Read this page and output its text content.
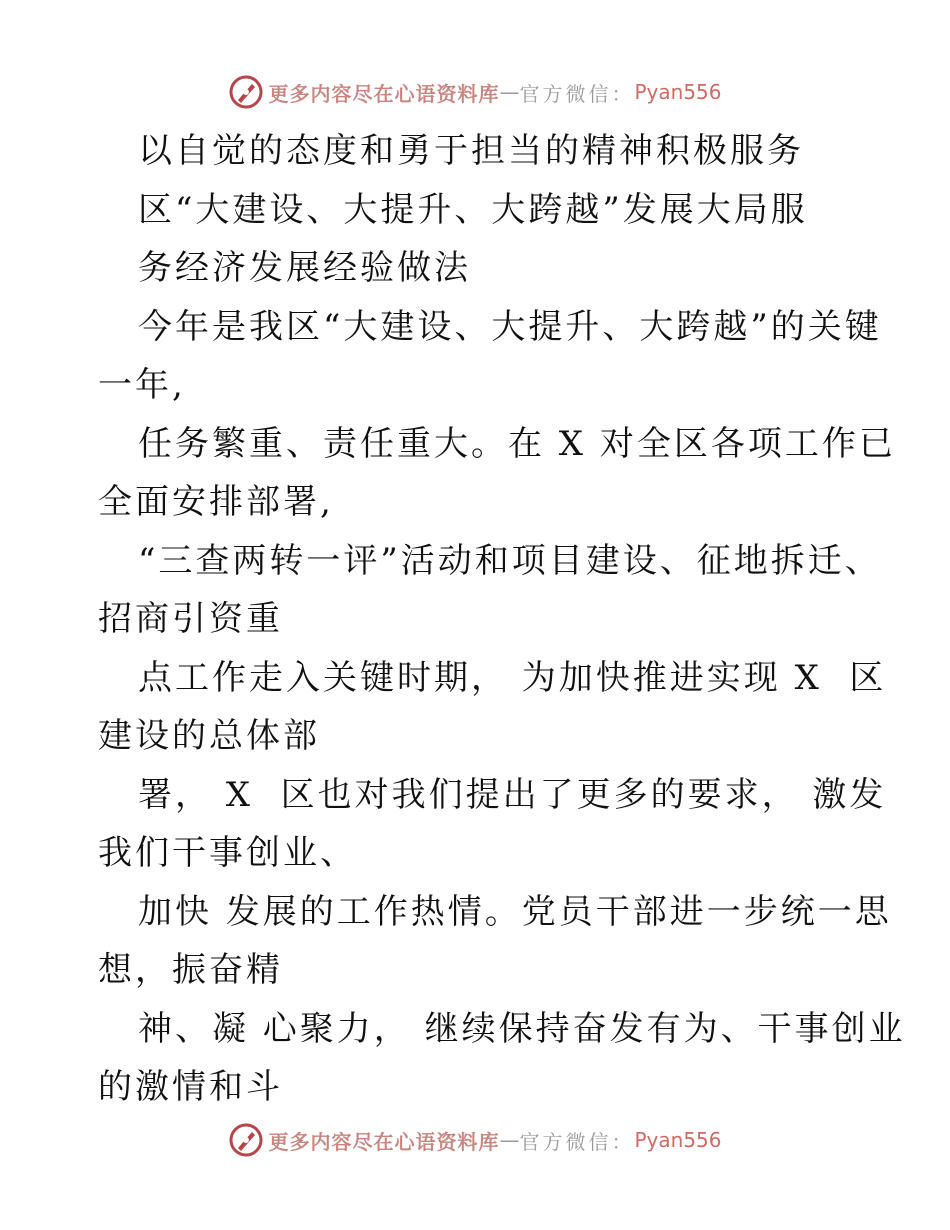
更多内容尽在心语资料库 — 官方微信： Pyan556

以自觉的态度和勇于担当的精神积极服务

区“大建设、大提升、大跨越”发展大局服

务经济发展经验做法

今年是我区“大建设、大提升、大跨越”的关键

一年,

任务繁重、责任重大。在 X 对全区各项工作已

全面安排部署,

“三查两转一评”活动和项目建设、征地拆迁、

招商引资重

点工作走入关键时期， 为加快推进实现 X  区

建设的总体部

署， X  区也对我们提出了更多的要求， 激发

我们干事创业、

加快 发展的工作热情。党员干部进一步统一思

想，振奋精

神、凝 心聚力， 继续保持奋发有为、干事创业

的激情和斗

更多内容尽在心语资料库 — 官方微信： Pyan556
